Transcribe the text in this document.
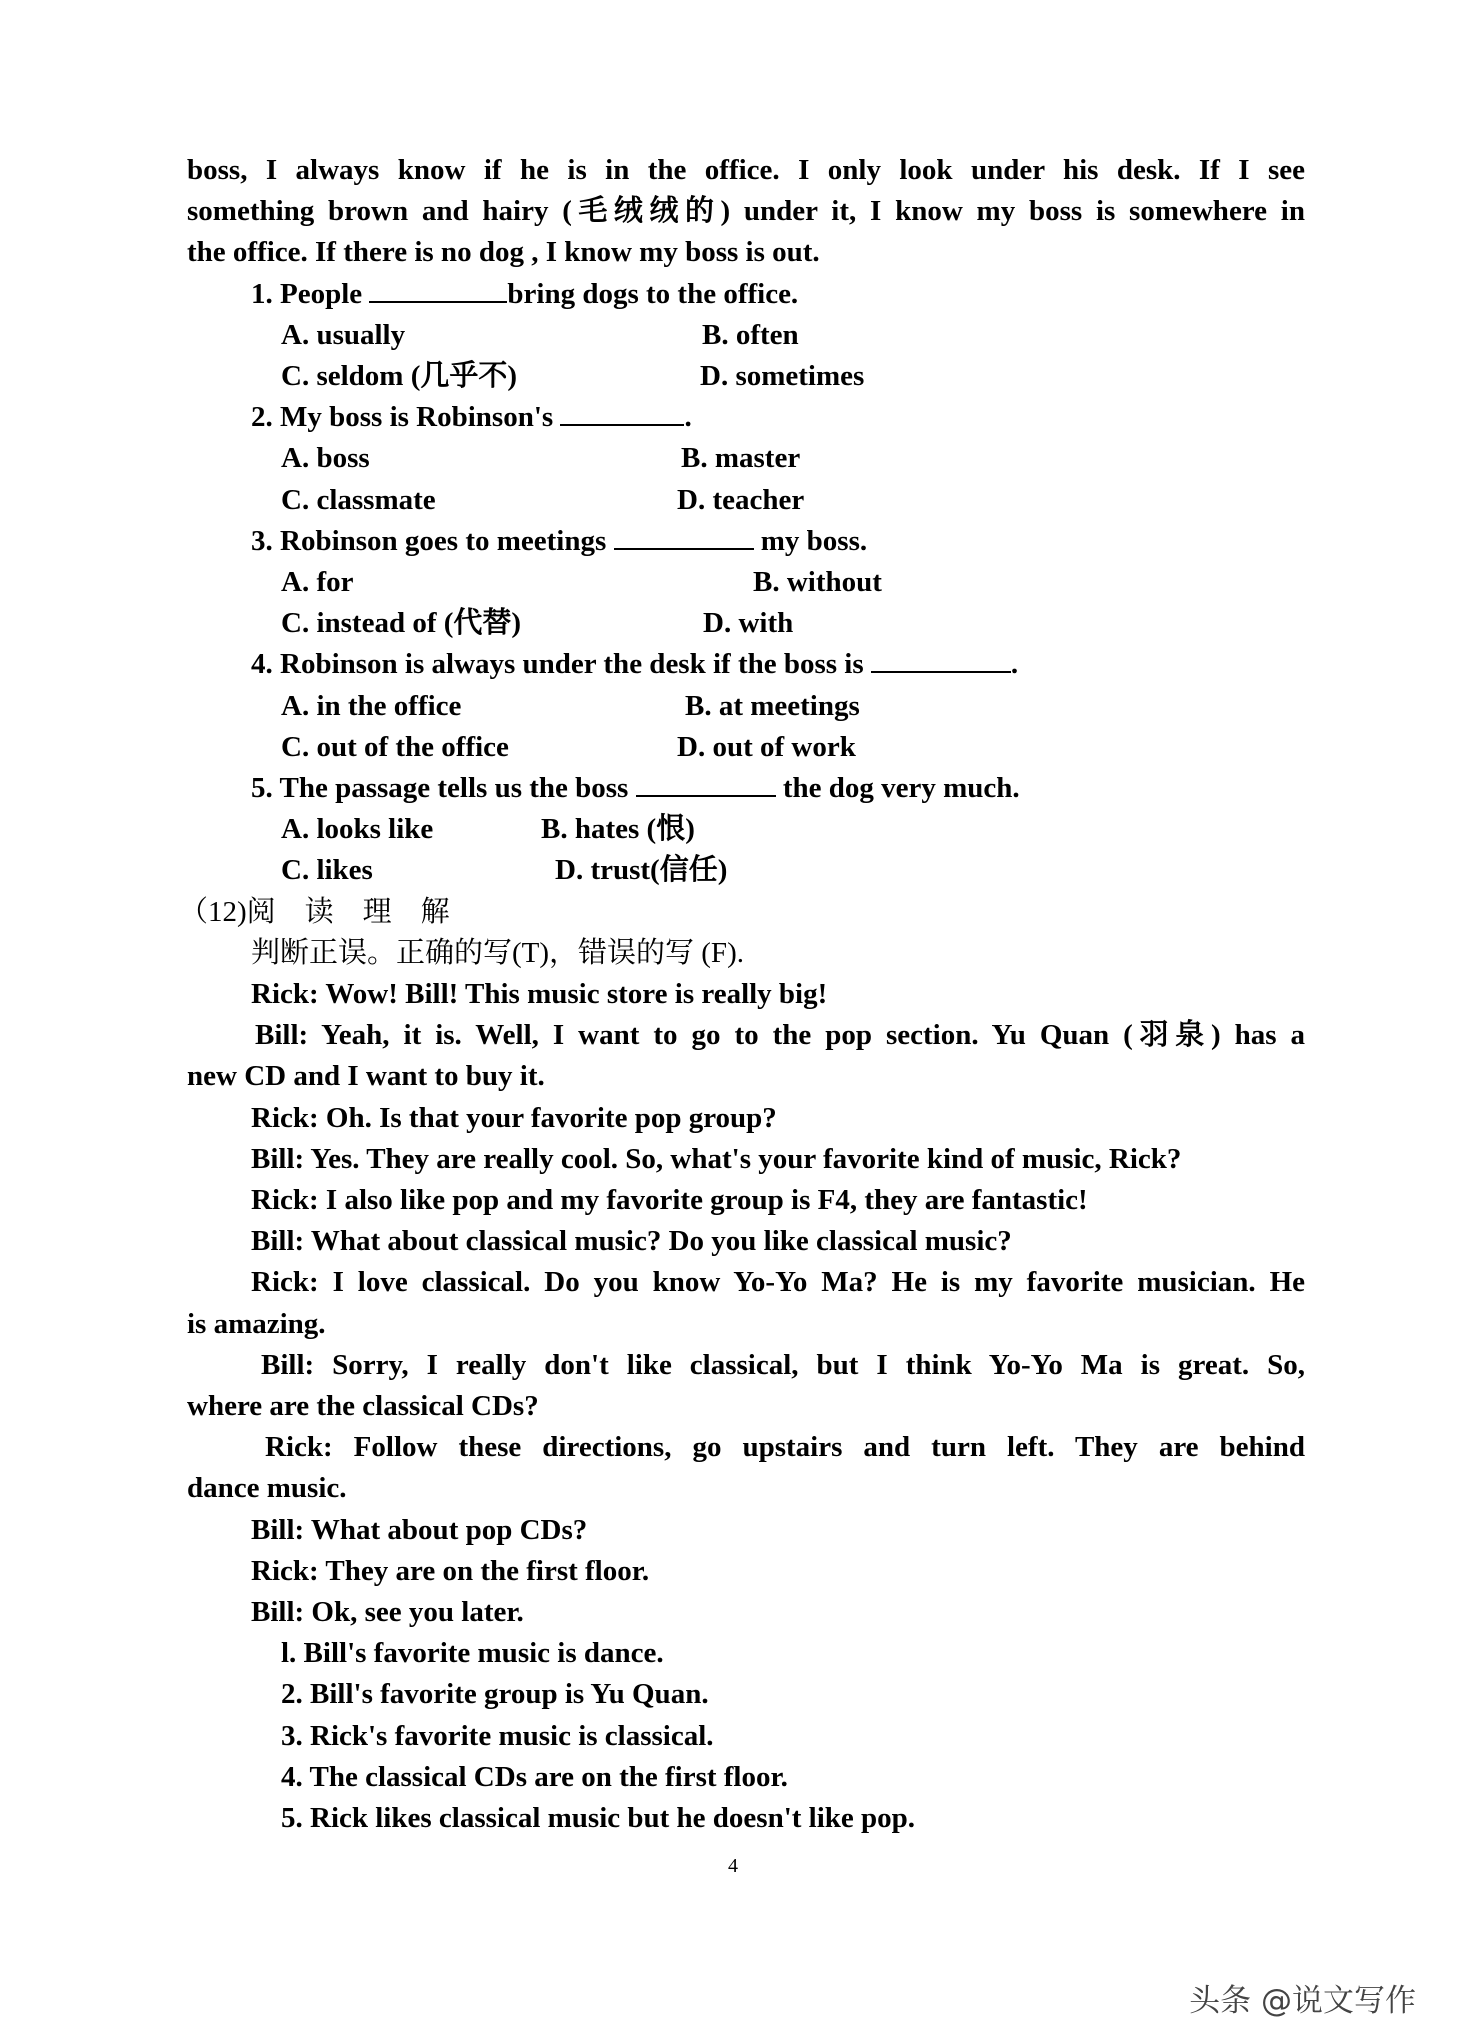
boss, I always know if he is in the office. I only look under his desk. If I see
something brown and hairy (毛绒绒的) under it, I know my boss is somewhere in
the office. If there is no dog , I know my boss is out.
1. People	bring dogs to the office.
A. usually	B. often
C. seldom (几乎不)	D. sometimes
2. My boss is Robinson's	.
A. boss	B. master
C. classmate	D. teacher
3. Robinson goes to meetings	my boss.
A. for	B. without
C. instead of (代替)	D. with
4. Robinson is always under the desk if the boss is	.
A. in the office	B. at meetings
C. out of the office	D. out of work
5. The passage tells us the boss	the dog very much.
A. looks like	B. hates (恨)
C. likes	D. trust(信任)
（12)阅　读　理　解
判断正误。正确的写(T)，错误的写 (F).
Rick: Wow! Bill! This music store is really big!
Bill: Yeah, it is. Well, I want to go to the pop section. Yu Quan (羽泉) has a
new CD and I want to buy it.
Rick: Oh. Is that your favorite pop group?
Bill: Yes. They are really cool. So, what's your favorite kind of music, Rick?
Rick: I also like pop and my favorite group is F4, they are fantastic!
Bill: What about classical music? Do you like classical music?
Rick: I love classical. Do you know Yo-Yo Ma? He is my favorite musician. He
is amazing.
Bill: Sorry, I really don't like classical, but I think Yo-Yo Ma is great. So,
where are the classical CDs?
Rick: Follow these directions, go upstairs and turn left. They are behind
dance music.
Bill: What about pop CDs?
Rick: They are on the first floor.
Bill: Ok, see you later.
l. Bill's favorite music is dance.
2. Bill's favorite group is Yu Quan.
3. Rick's favorite music is classical.
4. The classical CDs are on the first floor.
5. Rick likes classical music but he doesn't like pop.
4
头条 @说文写作
